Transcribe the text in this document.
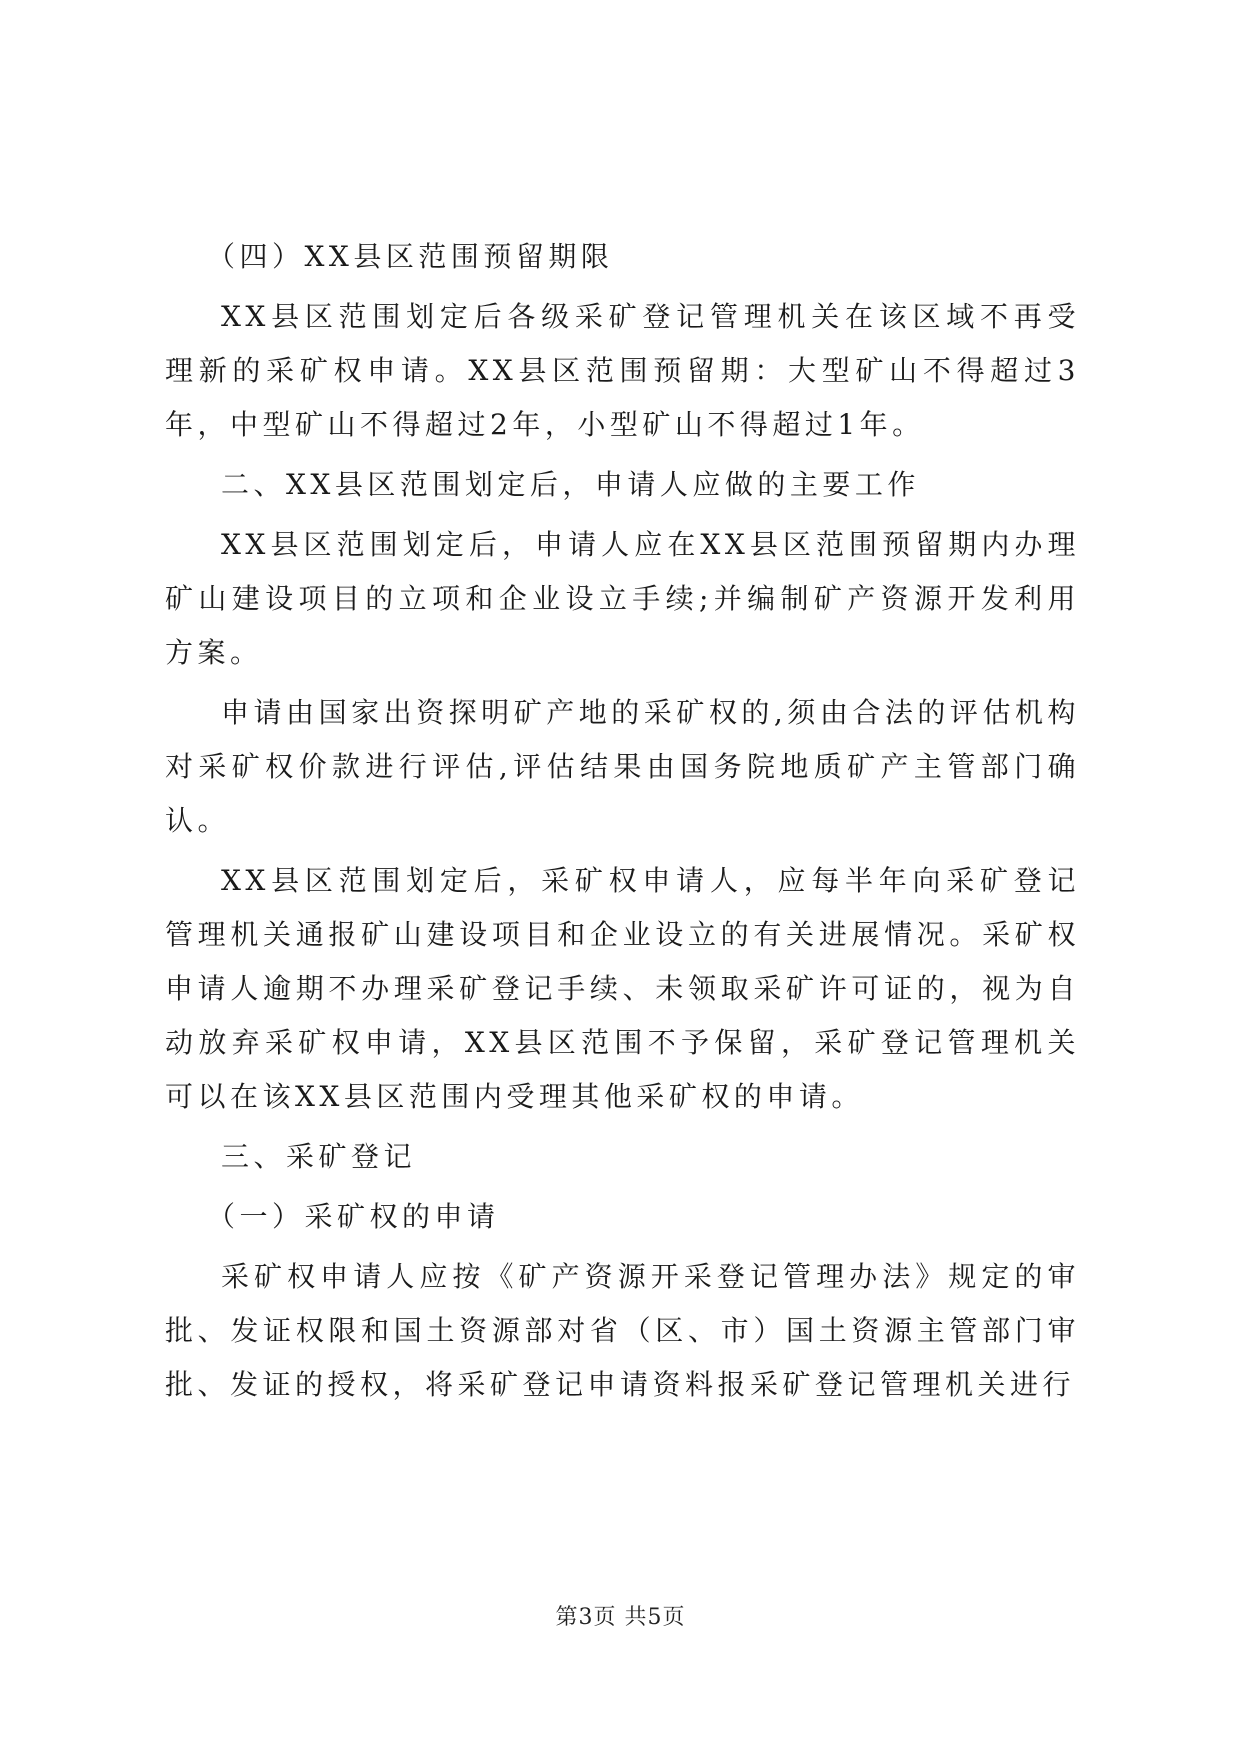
（四）XX县区范围预留期限

XX县区范围划定后各级采矿登记管理机关在该区域不再受理新的采矿权申请。XX县区范围预留期：大型矿山不得超过3年，中型矿山不得超过2年，小型矿山不得超过1年。

二、XX县区范围划定后，申请人应做的主要工作

XX县区范围划定后，申请人应在XX县区范围预留期内办理矿山建设项目的立项和企业设立手续;并编制矿产资源开发利用方案。

申请由国家出资探明矿产地的采矿权的,须由合法的评估机构对采矿权价款进行评估,评估结果由国务院地质矿产主管部门确认。

XX县区范围划定后，采矿权申请人，应每半年向采矿登记管理机关通报矿山建设项目和企业设立的有关进展情况。采矿权申请人逾期不办理采矿登记手续、未领取采矿许可证的，视为自动放弃采矿权申请，XX县区范围不予保留，采矿登记管理机关可以在该XX县区范围内受理其他采矿权的申请。

三、采矿登记

（一）采矿权的申请

采矿权申请人应按《矿产资源开采登记管理办法》规定的审批、发证权限和国土资源部对省（区、市）国土资源主管部门审批、发证的授权，将采矿登记申请资料报采矿登记管理机关进行

第3页 共5页
